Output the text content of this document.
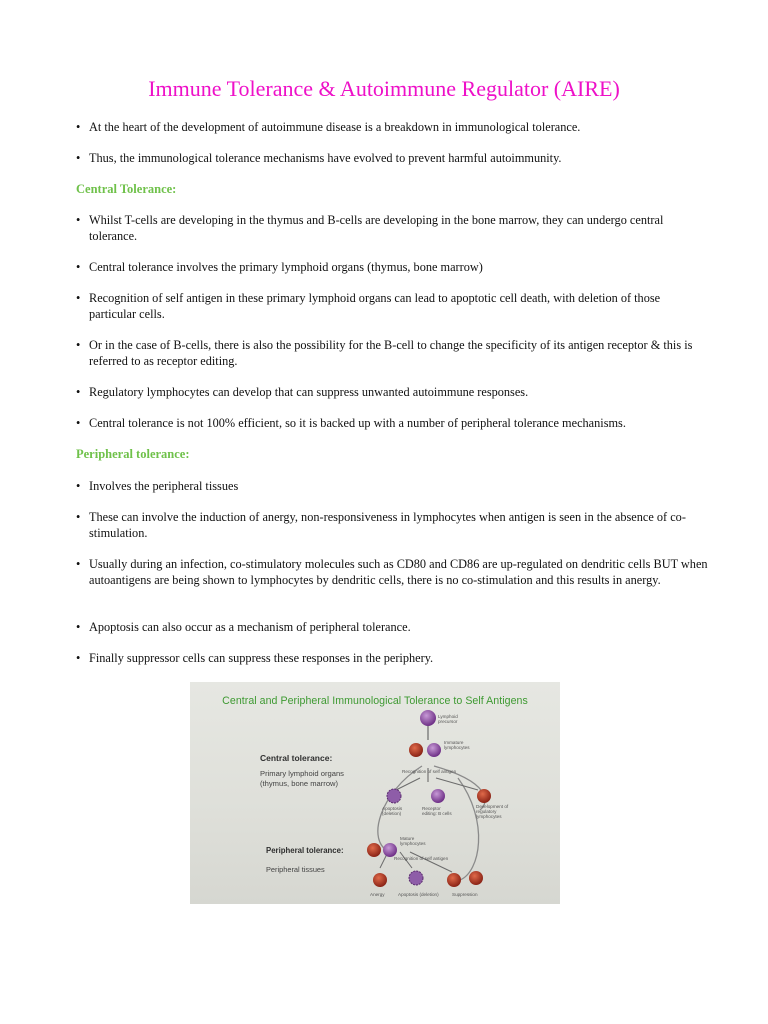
Immune Tolerance & Autoimmune Regulator (AIRE)
• At the heart of the development of autoimmune disease is a breakdown in immunological tolerance.
• Thus, the immunological tolerance mechanisms have evolved to prevent harmful autoimmunity.
Central Tolerance:
• Whilst T-cells are developing in the thymus and B-cells are developing in the bone marrow, they can undergo central tolerance.
• Central tolerance involves the primary lymphoid organs (thymus, bone marrow)
• Recognition of self antigen in these primary lymphoid organs can lead to apoptotic cell death, with deletion of those particular cells.
• Or in the case of B-cells, there is also the possibility for the B-cell to change the specificity of its antigen receptor & this is referred to as receptor editing.
• Regulatory lymphocytes can develop that can suppress unwanted autoimmune responses.
• Central tolerance is not 100% efficient, so it is backed up with a number of peripheral tolerance mechanisms.
Peripheral tolerance:
• Involves the peripheral tissues
• These can involve the induction of anergy, non-responsiveness in lymphocytes when antigen is seen in the absence of co-stimulation.
• Usually during an infection, co-stimulatory molecules such as CD80 and CD86 are up-regulated on dendritic cells BUT when autoantigens are being shown to lymphocytes by dendritic cells, there is no co-stimulation and this results in anergy.
• Apoptosis can also occur as a mechanism of peripheral tolerance.
• Finally suppressor cells can suppress these responses in the periphery.
Central and Peripheral Immunological Tolerance to Self Antigens
Central tolerance:
Primary lymphoid organs (thymus, bone marrow)
Peripheral tolerance:
Peripheral tissues
Lymphoid precursor
Immature lymphocytes
Recognition of self antigen
Apoptosis (deletion)
Receptor editing: B cells
Development of regulatory lymphocytes
Mature lymphocytes
Recognition of self antigen
Anergy	Apoptosis (deletion)	Suppression
